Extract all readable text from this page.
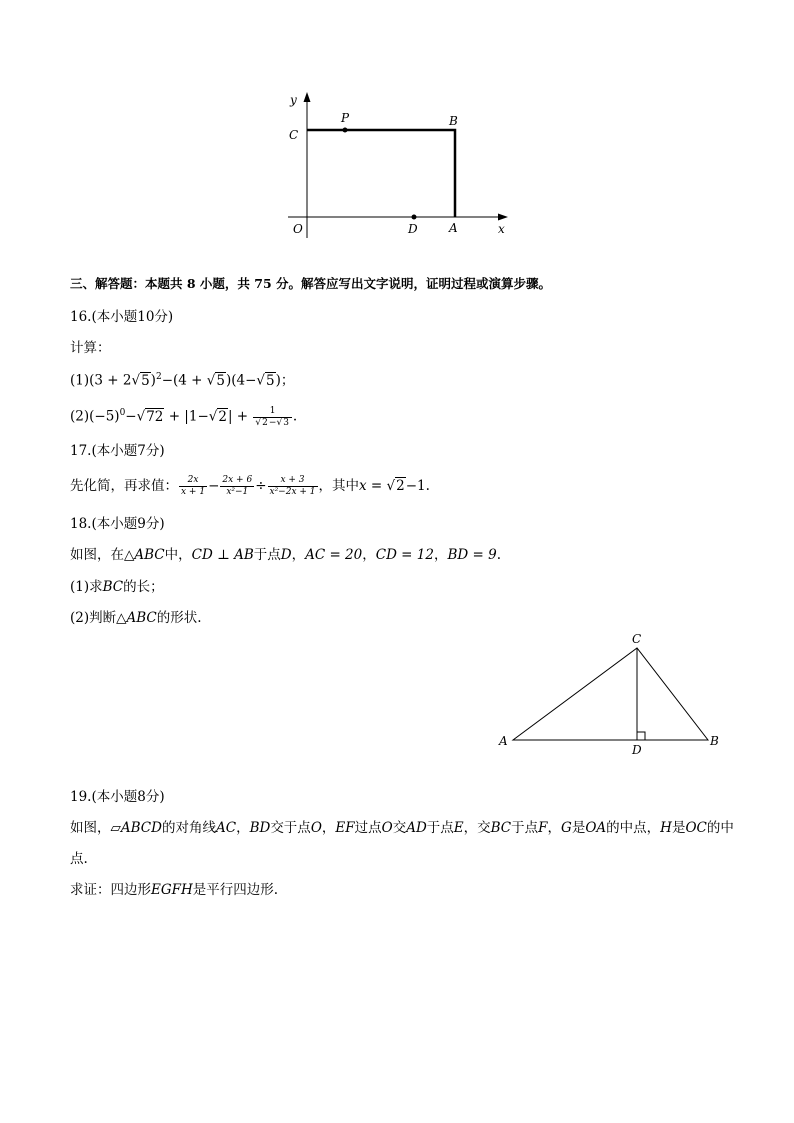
y
C
P	B
O	D	A	x
三、解答题：本题共 8 小题，共 75 分。解答应写出文字说明，证明过程或演算步骤。
16.(本小题10分)
计算：
$(1)(3 + 2√5)^2-(4 + √5)(4-√5)$；
$(2)(-5)^0-√72 + |1-√2| + \frac{1}{√2-√3}$ .
17.(本小题7分)
先化简，再求值： $\frac{2x}{x + 1} - \frac{2x + 6}{\text{x²−1}} \div \frac{x + 3}{\text{x²−2x + 1}}$ ，其中x = √2−1.
18.(本小题9分)
如图，在△ABC中，CD ⊥ AB于点D，AC = 20，CD = 12，BD = 9.
(1)求BC的长；
(2)判断△ABC的形状.
A	B
C
D
19.(本小题8分)
如图，▱ABCD的对角线AC，BD交于点O，EF过点O交AD于点E，交BC于点F，G是OA的中点，H是OC的中
点.
求证：四边形EGFH是平行四边形.
